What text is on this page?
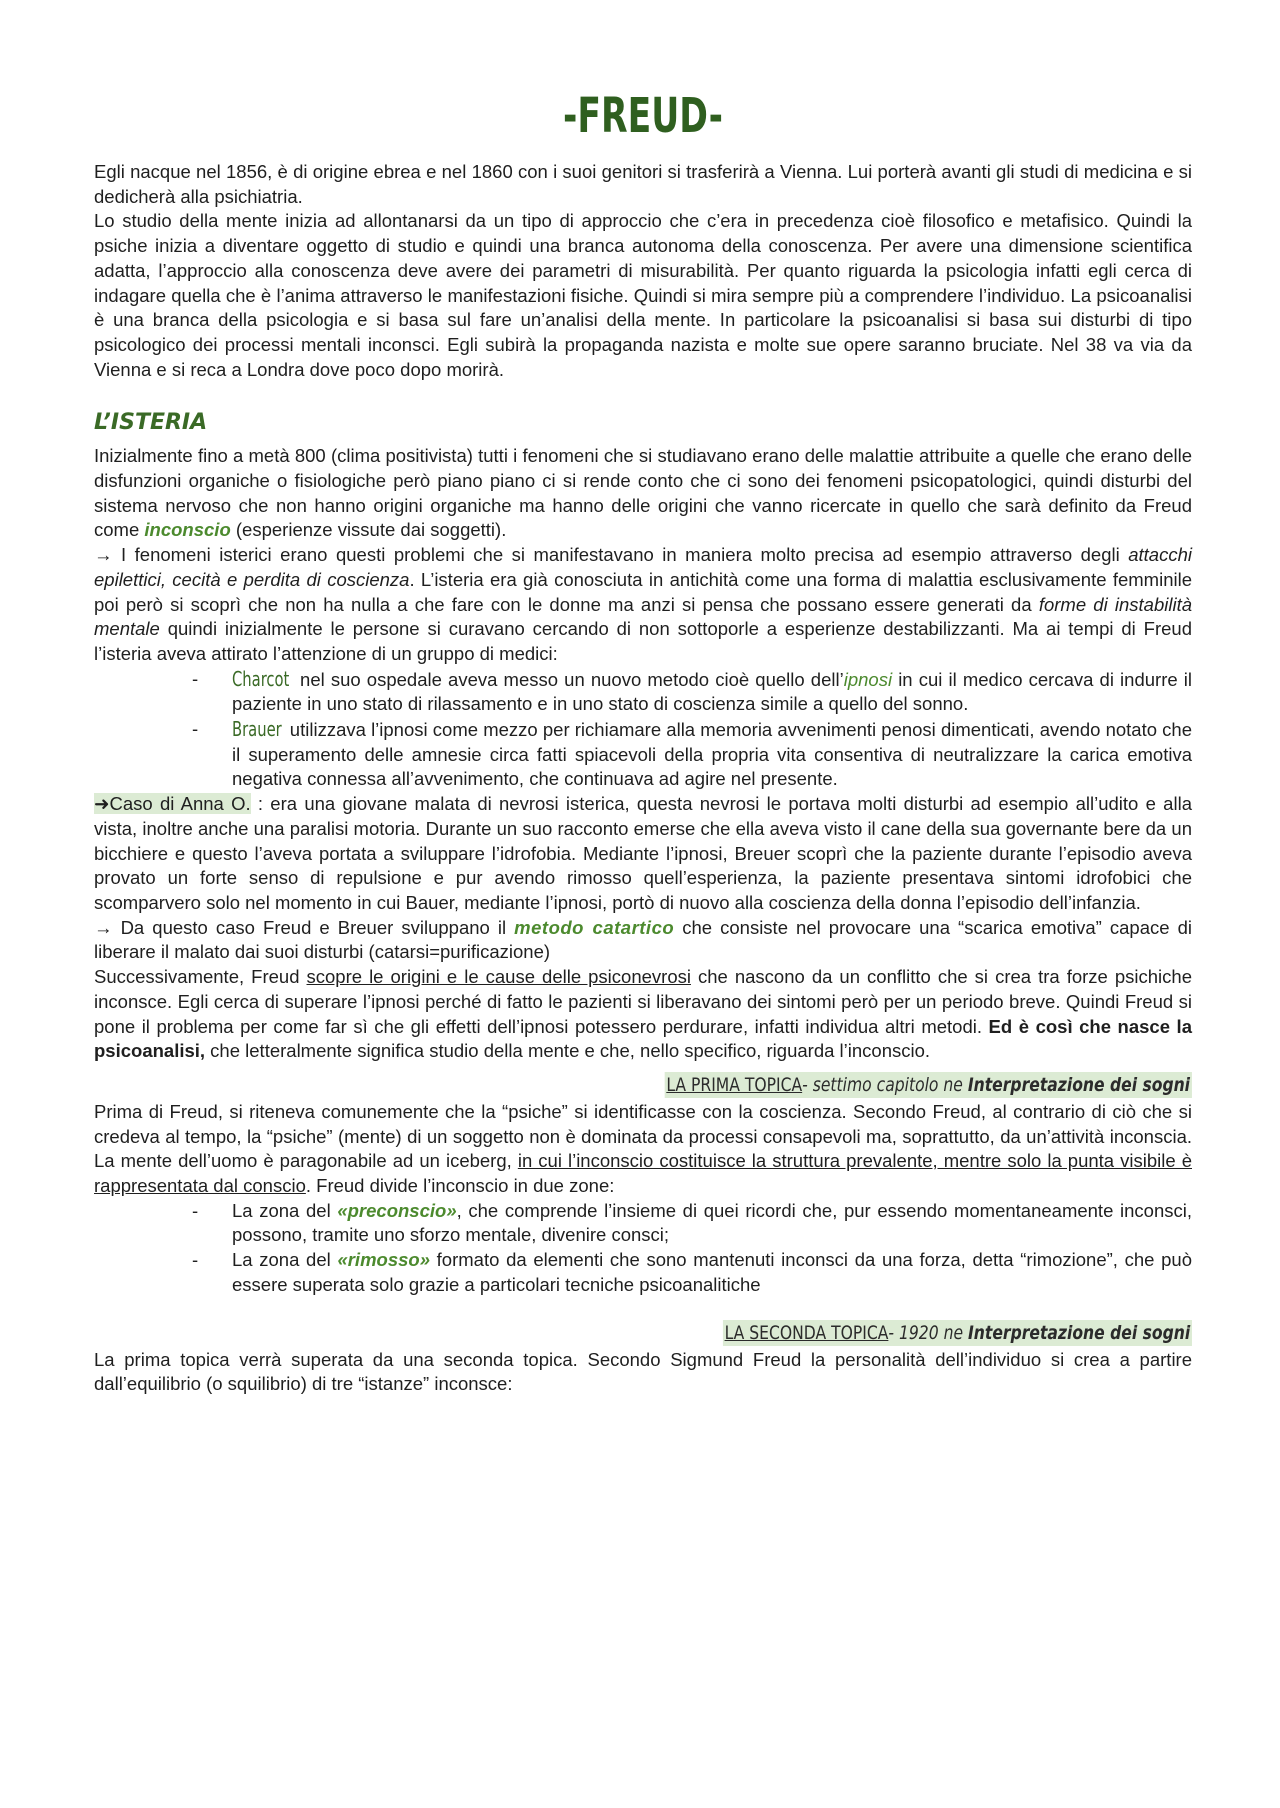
-FREUD-

Egli nacque nel 1856, è di origine ebrea e nel 1860 con i suoi genitori si trasferirà a Vienna. Lui porterà avanti gli studi di medicina e si dedicherà alla psichiatria.
Lo studio della mente inizia ad allontanarsi da un tipo di approccio che c’era in precedenza cioè filosofico e metafisico. Quindi la psiche inizia a diventare oggetto di studio e quindi una branca autonoma della conoscenza. Per avere una dimensione scientifica adatta, l’approccio alla conoscenza deve avere dei parametri di misurabilità. Per quanto riguarda la psicologia infatti egli cerca di indagare quella che è l’anima attraverso le manifestazioni fisiche. Quindi si mira sempre più a comprendere l’individuo. La psicoanalisi è una branca della psicologia e si basa sul fare un’analisi della mente. In particolare la psicoanalisi si basa sui disturbi di tipo psicologico dei processi mentali inconsci. Egli subirà la propaganda nazista e molte sue opere saranno bruciate. Nel 38 va via da Vienna e si reca a Londra dove poco dopo morirà.

L’ISTERIA

Inizialmente fino a metà 800 (clima positivista) tutti i fenomeni che si studiavano erano delle malattie attribuite a quelle che erano delle disfunzioni organiche o fisiologiche però piano piano ci si rende conto che ci sono dei fenomeni psicopatologici, quindi disturbi del sistema nervoso che non hanno origini organiche ma hanno delle origini che vanno ricercate in quello che sarà definito da Freud come inconscio (esperienze vissute dai soggetti).

→ I fenomeni isterici erano questi problemi che si manifestavano in maniera molto precisa ad esempio attraverso degli attacchi epilettici, cecità e perdita di coscienza. L’isteria era già conosciuta in antichità come una forma di malattia esclusivamente femminile poi però si scoprì che non ha nulla a che fare con le donne ma anzi si pensa che possano essere generati da forme di instabilità mentale quindi inizialmente le persone si curavano cercando di non sottoporle a esperienze destabilizzanti. Ma ai tempi di Freud l’isteria aveva attirato l’attenzione di un gruppo di medici:

- Charcot nel suo ospedale aveva messo un nuovo metodo cioè quello dell’ipnosi in cui il medico cercava di indurre il paziente in uno stato di rilassamento e in uno stato di coscienza simile a quello del sonno.
- Brauer utilizzava l’ipnosi come mezzo per richiamare alla memoria avvenimenti penosi dimenticati, avendo notato che il superamento delle amnesie circa fatti spiacevoli della propria vita consentiva di neutralizzare la carica emotiva negativa connessa all’avvenimento, che continuava ad agire nel presente.

➜Caso di Anna O. : era una giovane malata di nevrosi isterica, questa nevrosi le portava molti disturbi ad esempio all’udito e alla vista, inoltre anche una paralisi motoria. Durante un suo racconto emerse che ella aveva visto il cane della sua governante bere da un bicchiere e questo l’aveva portata a sviluppare l’idrofobia. Mediante l’ipnosi, Breuer scoprì che la paziente durante l’episodio aveva provato un forte senso di repulsione e pur avendo rimosso quell’esperienza, la paziente presentava sintomi idrofobici che scomparvero solo nel momento in cui Bauer, mediante l’ipnosi, portò di nuovo alla coscienza della donna l’episodio dell’infanzia.

→ Da questo caso Freud e Breuer sviluppano il metodo catartico che consiste nel provocare una “scarica emotiva” capace di liberare il malato dai suoi disturbi (catarsi=purificazione)

Successivamente, Freud scopre le origini e le cause delle psiconevrosi che nascono da un conflitto che si crea tra forze psichiche inconsce. Egli cerca di superare l’ipnosi perché di fatto le pazienti si liberavano dei sintomi però per un periodo breve. Quindi Freud si pone il problema per come far sì che gli effetti dell’ipnosi potessero perdurare, infatti individua altri metodi. Ed è così che nasce la psicoanalisi, che letteralmente significa studio della mente e che, nello specifico, riguarda l’inconscio.

LA PRIMA TOPICA- settimo capitolo ne Interpretazione dei sogni

Prima di Freud, si riteneva comunemente che la “psiche” si identificasse con la coscienza. Secondo Freud, al contrario di ciò che si credeva al tempo, la “psiche” (mente) di un soggetto non è dominata da processi consapevoli ma, soprattutto, da un’attività inconscia. La mente dell’uomo è paragonabile ad un iceberg, in cui l’inconscio costituisce la struttura prevalente, mentre solo la punta visibile è rappresentata dal conscio. Freud divide l’inconscio in due zone:

- La zona del «preconscio», che comprende l’insieme di quei ricordi che, pur essendo momentaneamente inconsci, possono, tramite uno sforzo mentale, divenire consci;
- La zona del «rimosso» formato da elementi che sono mantenuti inconsci da una forza, detta “rimozione”, che può essere superata solo grazie a particolari tecniche psicoanalitiche
LA SECONDA TOPICA- 1920 ne Interpretazione dei sogni

La prima topica verrà superata da una seconda topica. Secondo Sigmund Freud la personalità dell’individuo si crea a partire dall’equilibrio (o squilibrio) di tre “istanze” inconsce:
